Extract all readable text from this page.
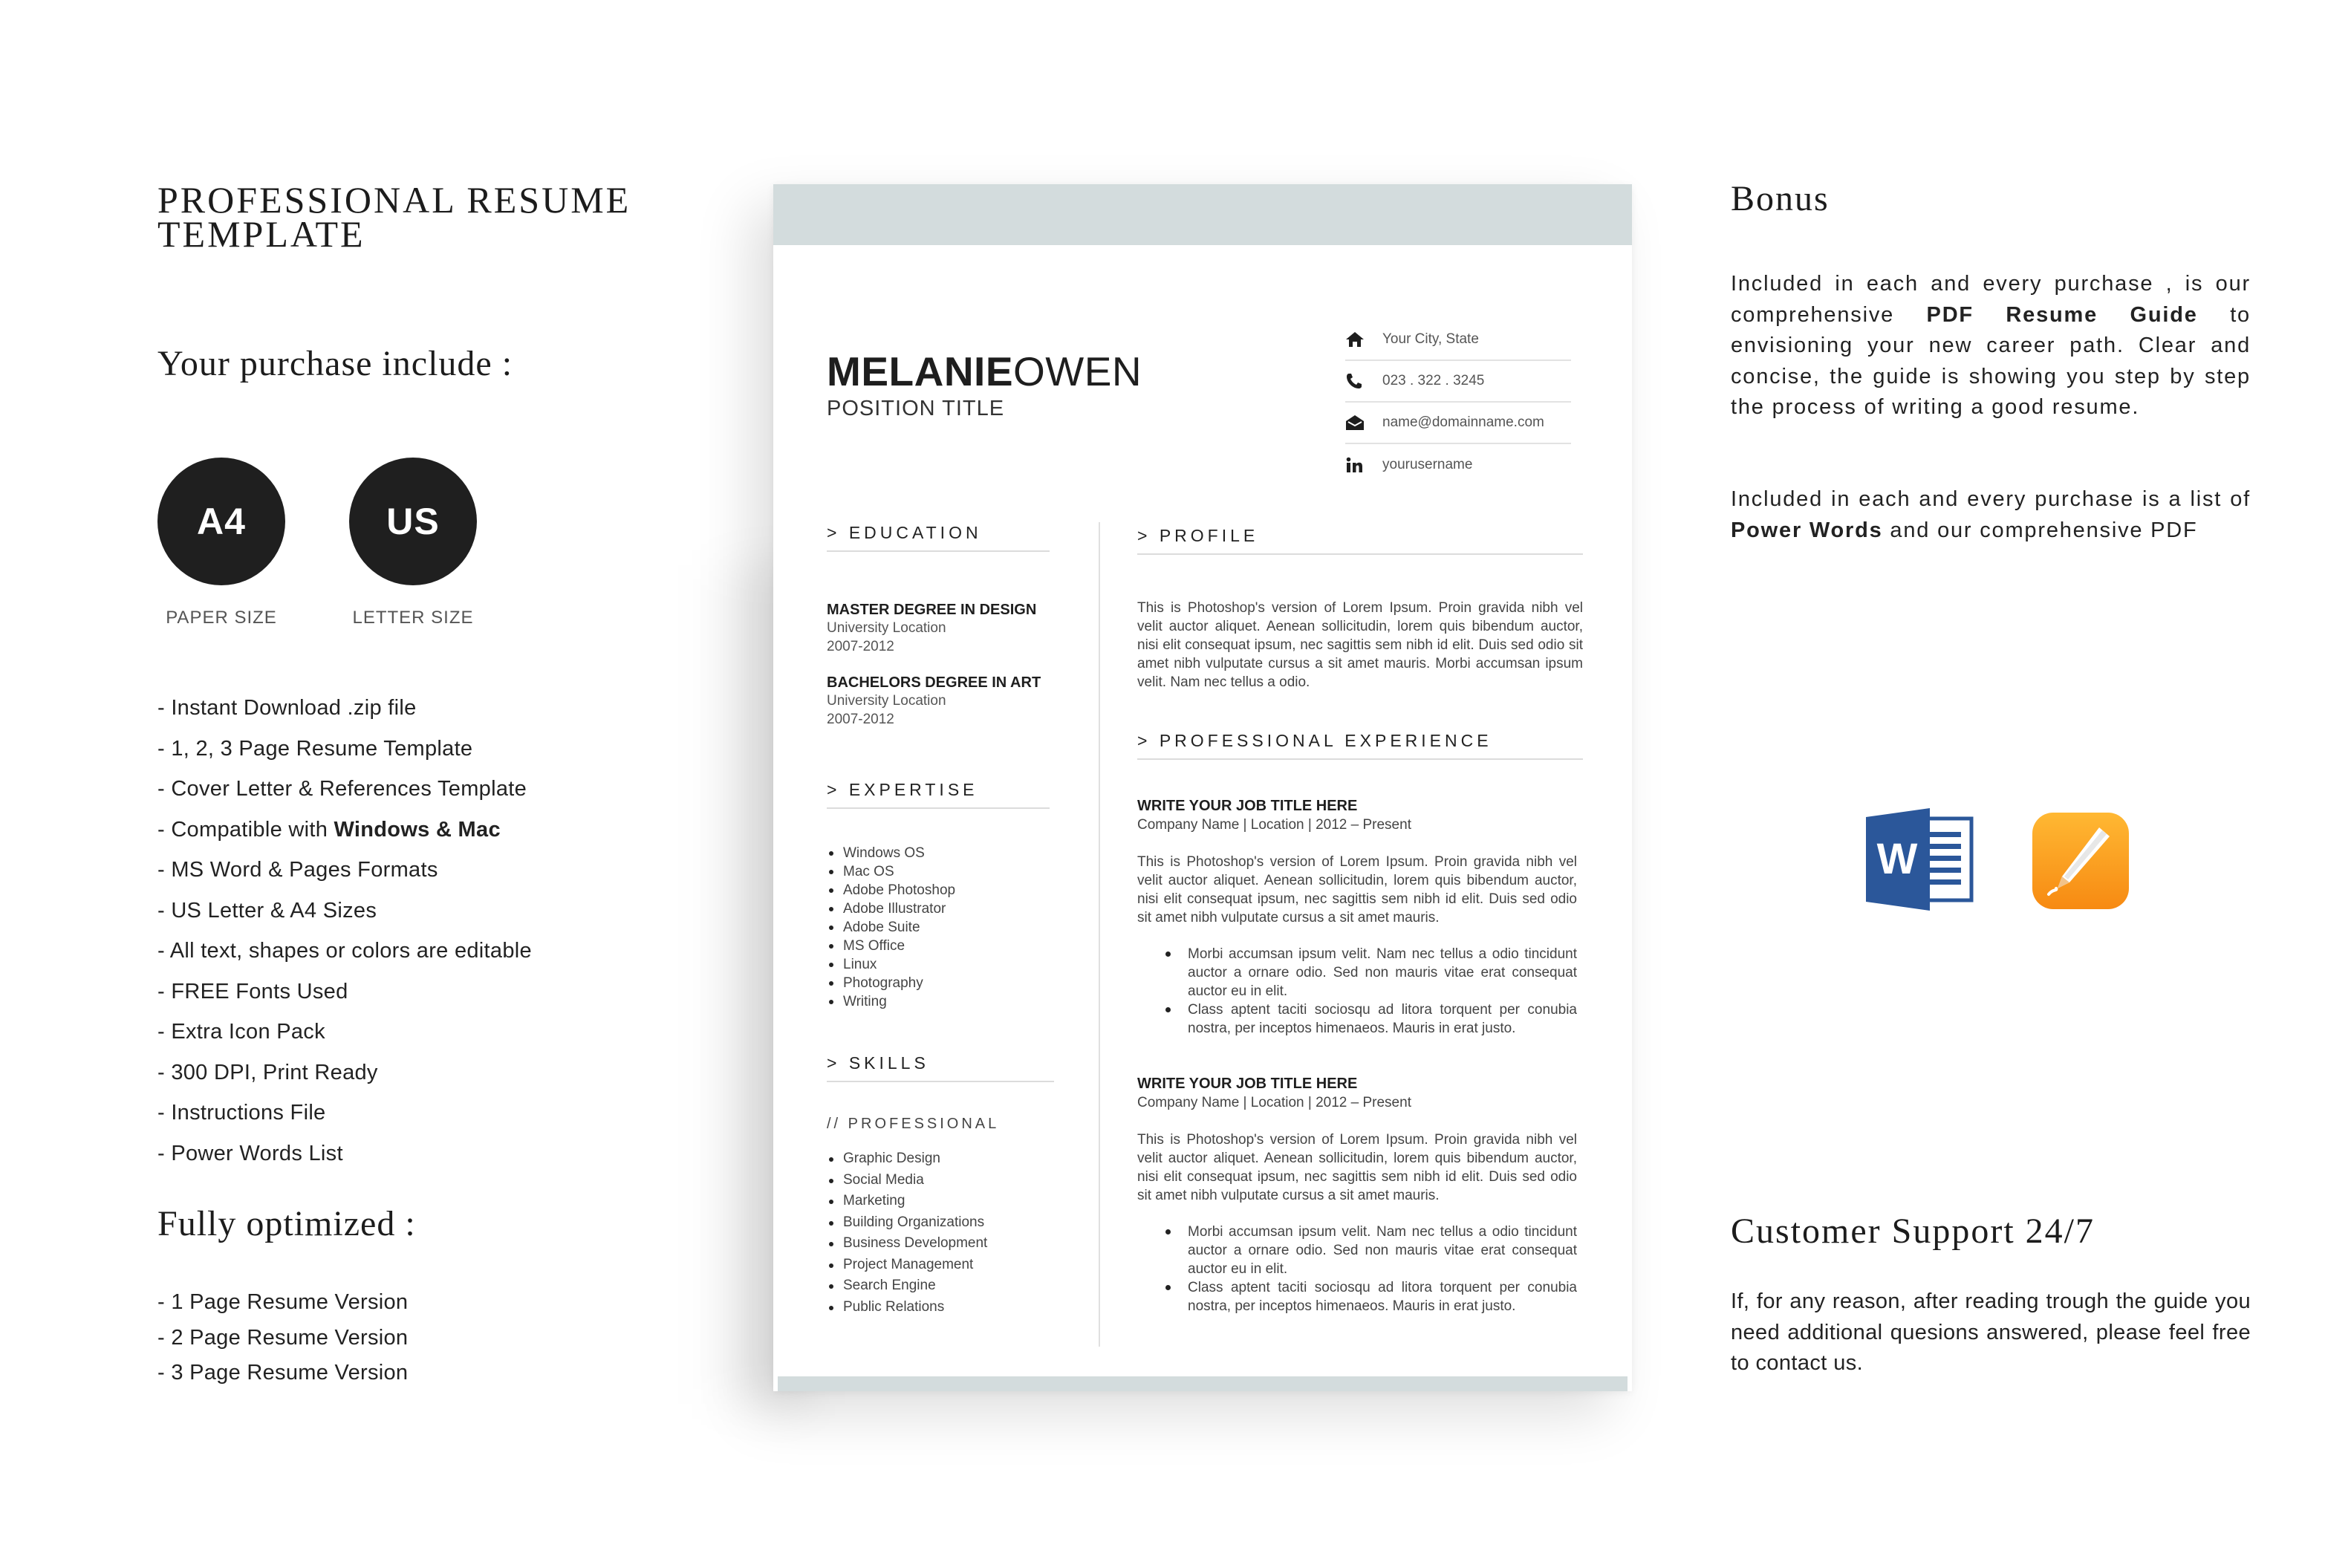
PROFESSIONAL RESUME
TEMPLATE
Your purchase include :
A4
PAPER SIZE
US
LETTER SIZE
- Instant Download .zip file
- 1, 2, 3 Page Resume Template
- Cover Letter & References Template
- Compatible with Windows & Mac
- MS Word & Pages Formats
- US Letter & A4 Sizes
- All text, shapes or colors are editable
- FREE Fonts Used
- Extra Icon Pack
- 300 DPI, Print Ready
- Instructions File
- Power Words List
Fully optimized :
- 1 Page Resume Version
- 2 Page Resume Version
- 3 Page Resume Version
MELANIEOWEN
POSITION TITLE
Your City, State
023 . 322 . 3245
name@domainname.com
yourusername
> EDUCATION
MASTER DEGREE IN DESIGN
University Location
2007-2012
BACHELORS DEGREE IN ART
University Location
2007-2012
> EXPERTISE
Windows OS
Mac OS
Adobe Photoshop
Adobe Illustrator
Adobe Suite
MS Office
Linux
Photography
Writing
> SKILLS
// PROFESSIONAL
Graphic Design
Social Media
Marketing
Building Organizations
Business Development
Project Management
Search Engine
Public Relations
> PROFILE
This is Photoshop's version of Lorem Ipsum. Proin gravida nibh vel velit auctor aliquet. Aenean sollicitudin, lorem quis bibendum auctor, nisi elit consequat ipsum, nec sagittis sem nibh id elit. Duis sed odio sit amet nibh vulputate cursus a sit amet mauris. Morbi accumsan ipsum velit. Nam nec tellus a odio.
> PROFESSIONAL EXPERIENCE
WRITE YOUR JOB TITLE HERE
Company Name | Location | 2012 – Present
This is Photoshop's version of Lorem Ipsum. Proin gravida nibh vel velit auctor aliquet. Aenean sollicitudin, lorem quis bibendum auctor, nisi elit consequat ipsum, nec sagittis sem nibh id elit. Duis sed odio sit amet nibh vulputate cursus a sit amet mauris.
Morbi accumsan ipsum velit. Nam nec tellus a odio tincidunt auctor a ornare odio. Sed non mauris vitae erat consequat auctor eu in elit.
Class aptent taciti sociosqu ad litora torquent per conubia nostra, per inceptos himenaeos. Mauris in erat justo.
WRITE YOUR JOB TITLE HERE
Company Name | Location | 2012 – Present
This is Photoshop's version of Lorem Ipsum. Proin gravida nibh vel velit auctor aliquet. Aenean sollicitudin, lorem quis bibendum auctor, nisi elit consequat ipsum, nec sagittis sem nibh id elit. Duis sed odio sit amet nibh vulputate cursus a sit amet mauris.
Morbi accumsan ipsum velit. Nam nec tellus a odio tincidunt auctor a ornare odio. Sed non mauris vitae erat consequat auctor eu in elit.
Class aptent taciti sociosqu ad litora torquent per conubia nostra, per inceptos himenaeos. Mauris in erat justo.
Bonus
Included in each and every purchase , is our comprehensive PDF Resume Guide to envisioning your new career path. Clear and concise, the guide is showing you step by step the process of writing a good resume.
Included in each and every purchase is a list of Power Words and our comprehensive PDF
W
Customer Support 24/7
If, for any reason, after reading trough the guide you need additional quesions answered, please feel free to contact us.
